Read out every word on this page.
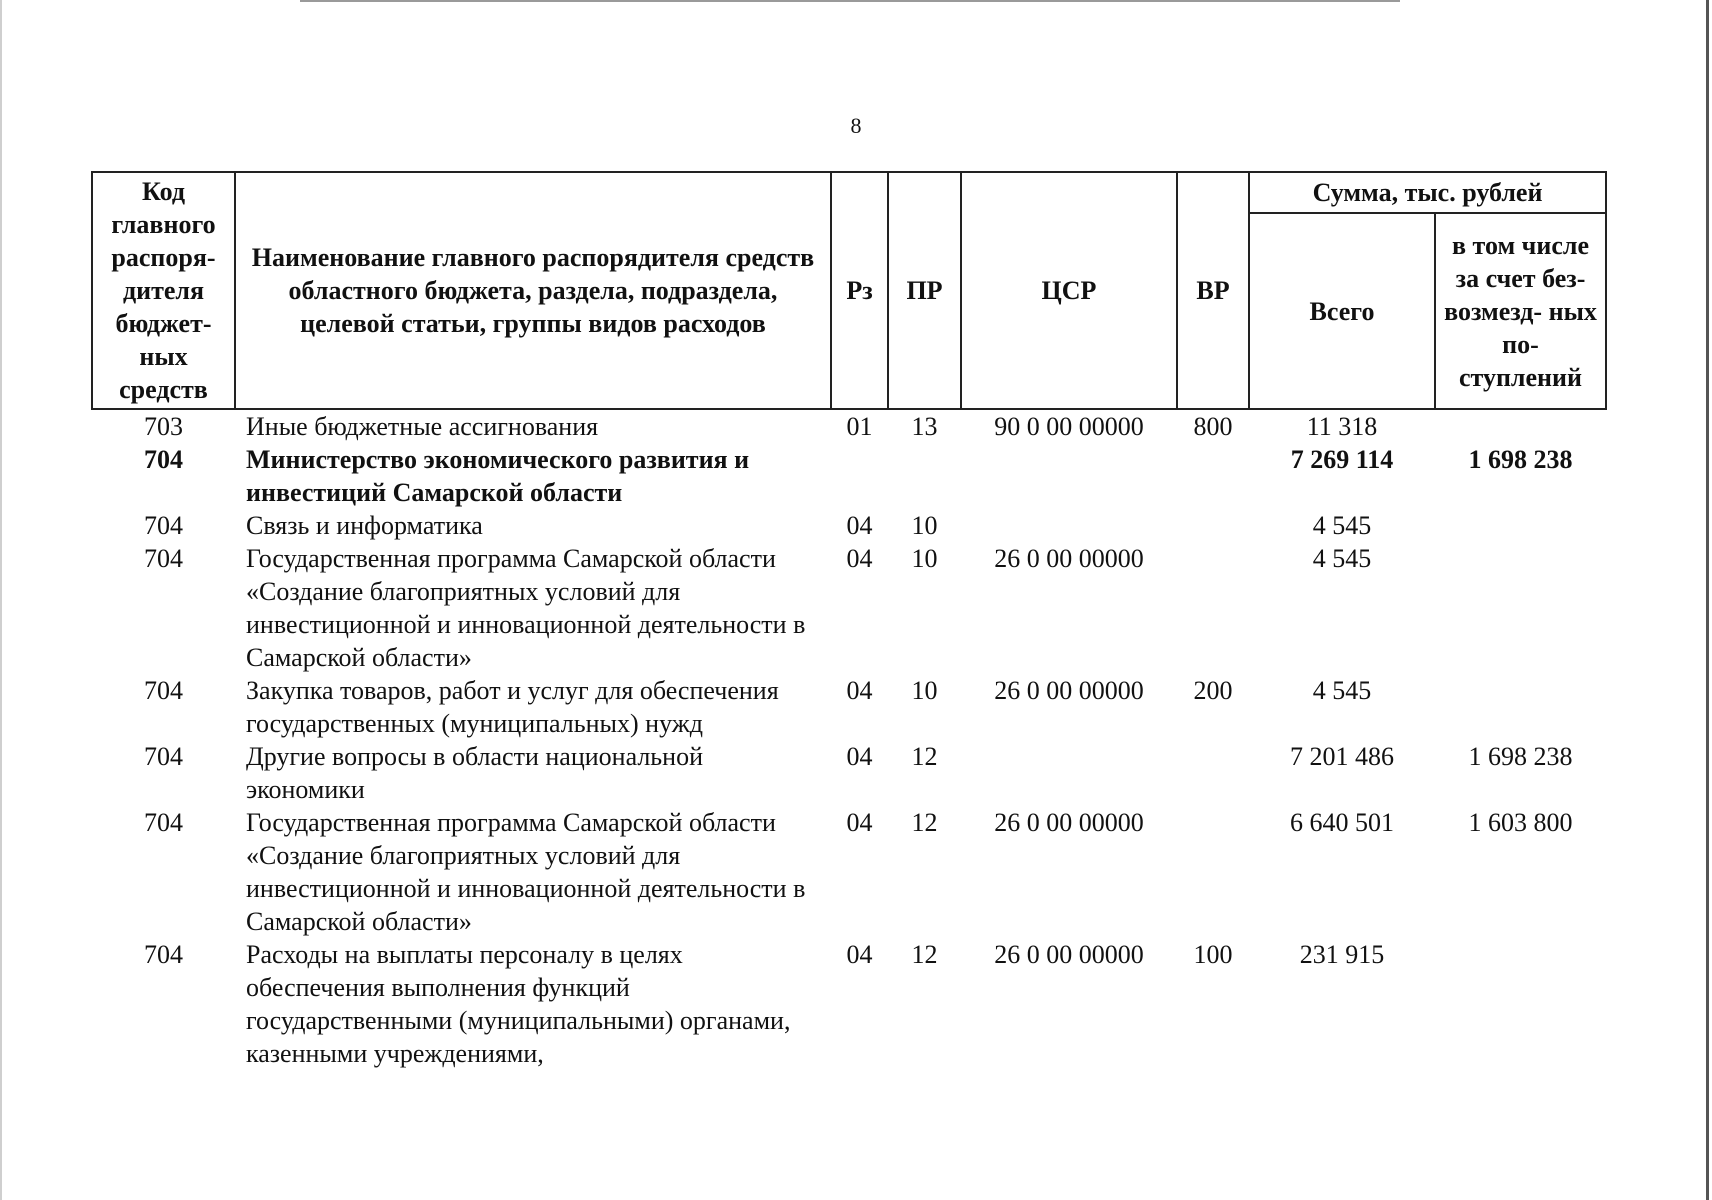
8
Код главного распоря- дителя бюджет- ных средств	Наименование главного распорядителя средств областного бюджета, раздела, подраздела, целевой статьи, группы видов расходов	Рз	ПР	ЦСР	ВР	Сумма, тыс. рублей	
						Всего	в том числе за счет без- возмезд- ных по- ступлений
703	Иные бюджетные ассигнования	01	13	90 0 00 00000	800	11 318	
704	Министерство экономического развития и инвестиций Самарской области					7 269 114	1 698 238
704	Связь и информатика	04	10			4 545	
704	Государственная программа Самарской области «Создание благоприятных условий для инвестиционной и инновационной деятельности в Самарской области»	04	10	26 0 00 00000		4 545	
704	Закупка товаров, работ и услуг для обеспечения государственных (муниципальных) нужд	04	10	26 0 00 00000	200	4 545	
704	Другие вопросы в области национальной экономики	04	12			7 201 486	1 698 238
704	Государственная программа Самарской области «Создание благоприятных условий для инвестиционной и инновационной деятельности в Самарской области»	04	12	26 0 00 00000		6 640 501	1 603 800
704	Расходы на выплаты персоналу в целях обеспечения выполнения функций государственными (муниципальными) органами, казенными учреждениями,	04	12	26 0 00 00000	100	231 915	
